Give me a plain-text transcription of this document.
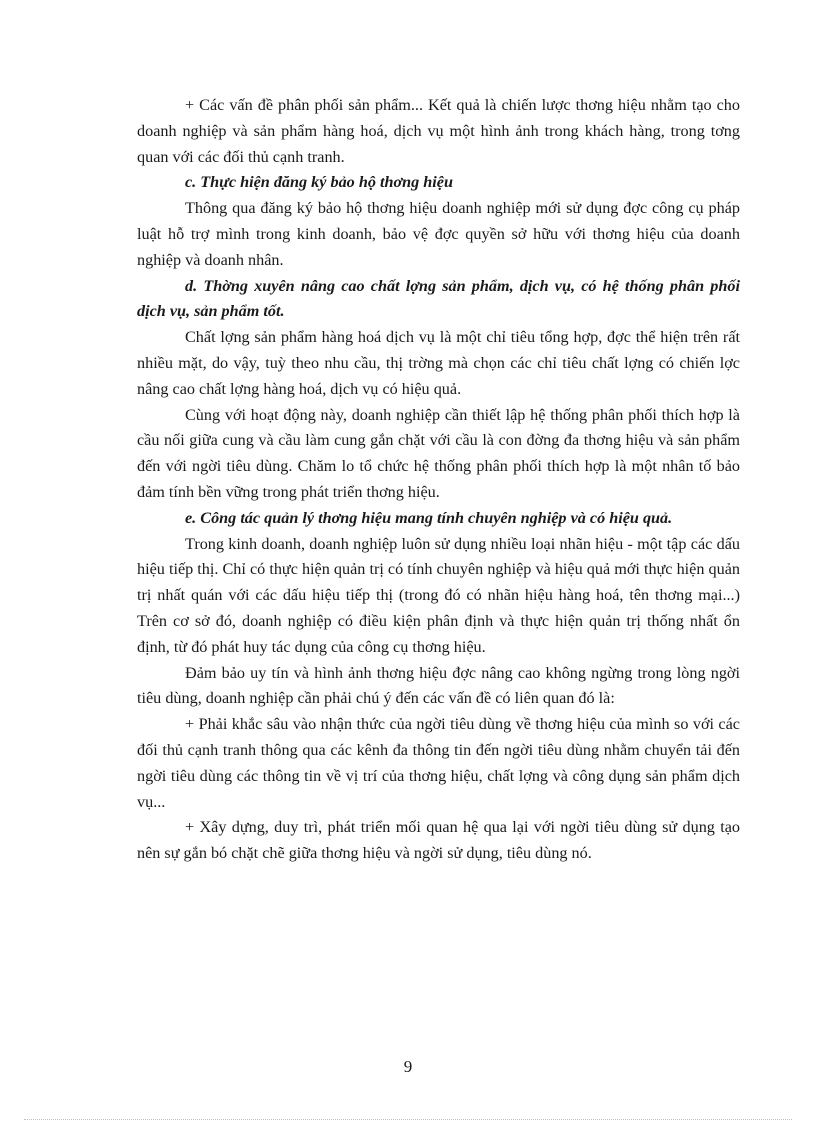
+ Các vấn đề phân phối sản phẩm... Kết quả là chiến lược thơng hiệu nhằm tạo cho doanh nghiệp và sản phẩm hàng hoá, dịch vụ một hình ảnh trong khách hàng, trong tơng quan với các đối thủ cạnh tranh.

c. Thực hiện đăng ký bảo hộ thơng hiệu

Thông qua đăng ký bảo hộ thơng hiệu doanh nghiệp mới sử dụng đợc công cụ pháp luật hỗ trợ mình trong kinh doanh, bảo vệ đợc quyền sở hữu với thơng hiệu của doanh nghiệp và doanh nhân.

d. Thờng xuyên nâng cao chất lợng sản phẩm, dịch vụ, có hệ thống phân phối dịch vụ, sản phẩm tốt.

Chất lợng sản phẩm hàng hoá dịch vụ là một chỉ tiêu tổng hợp, đợc thể hiện trên rất nhiều mặt, do vậy, tuỳ theo nhu cầu, thị trờng mà chọn các chỉ tiêu chất lợng có chiến lợc nâng cao chất lợng hàng hoá, dịch vụ có hiệu quả.

Cùng với hoạt động này, doanh nghiệp cần thiết lập hệ thống phân phối thích hợp là cầu nối giữa cung và cầu làm cung gắn chặt với cầu là con đờng đa thơng hiệu và sản phẩm đến với ngời tiêu dùng. Chăm lo tổ chức hệ thống phân phối thích hợp là một nhân tố bảo đảm tính bền vững trong phát triển thơng hiệu.

e. Công tác quản lý thơng hiệu mang tính chuyên nghiệp và có hiệu quả.

Trong kinh doanh, doanh nghiệp luôn sử dụng nhiều loại nhãn hiệu - một tập các dấu hiệu tiếp thị. Chỉ có thực hiện quản trị có tính chuyên nghiệp và hiệu quả mới thực hiện quản trị nhất quán với các dấu hiệu tiếp thị (trong đó có nhãn hiệu hàng hoá, tên thơng mại...) Trên cơ sở đó, doanh nghiệp có điều kiện phân định và thực hiện quản trị thống nhất ổn định, từ đó phát huy tác dụng của công cụ thơng hiệu.

Đảm bảo uy tín và hình ảnh thơng hiệu đợc nâng cao không ngừng trong lòng ngời tiêu dùng, doanh nghiệp cần phải chú ý đến các vấn đề có liên quan đó là:

+ Phải khắc sâu vào nhận thức của ngời tiêu dùng về thơng hiệu của mình so với các đối thủ cạnh tranh thông qua các kênh đa thông tin đến ngời tiêu dùng nhằm chuyển tải đến ngời tiêu dùng các thông tin về vị trí của thơng hiệu, chất lợng và công dụng sản phẩm dịch vụ...

+ Xây dựng, duy trì, phát triển mối quan hệ qua lại với ngời tiêu dùng sử dụng tạo nên sự gắn bó chặt chẽ giữa thơng hiệu và ngời sử dụng, tiêu dùng nó.

9
